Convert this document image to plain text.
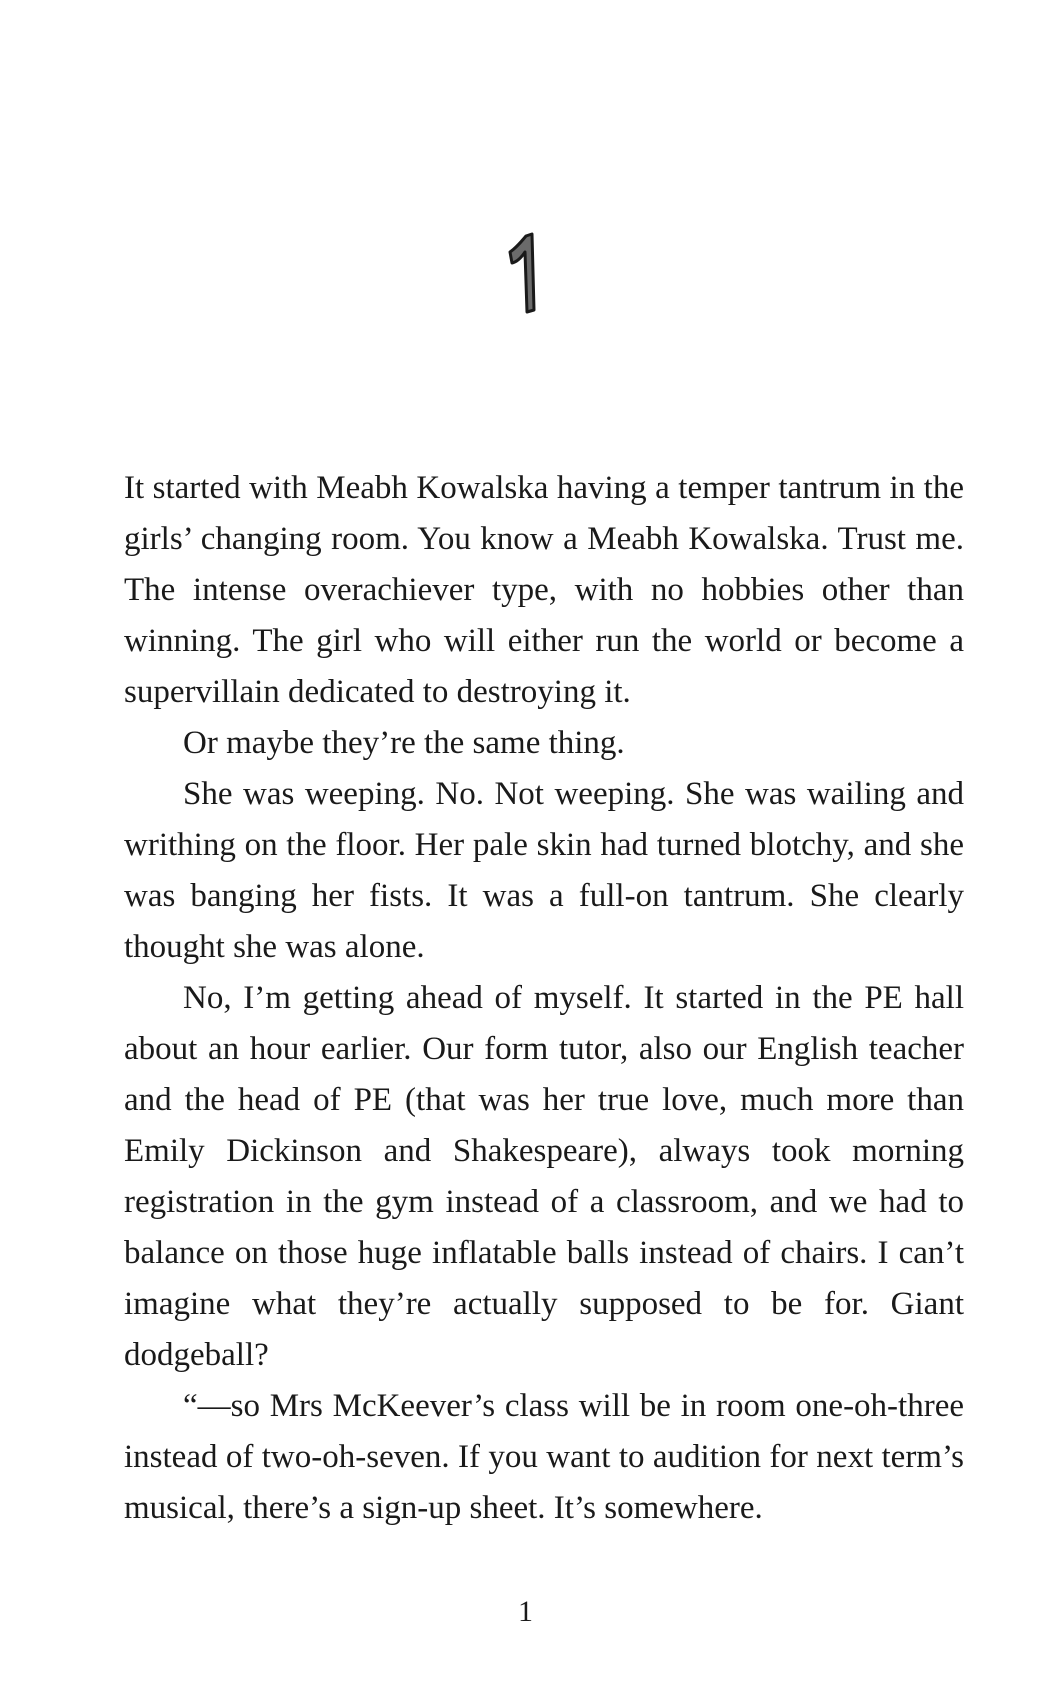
It started with Meabh Kowalska having a temper tantrum in the girls’ changing room. You know a Meabh Kowalska. Trust me. The intense overachiever type, with no hobbies other than winning. The girl who will either run the world or become a supervillain dedicated to destroying it.

Or maybe they’re the same thing.

She was weeping. No. Not weeping. She was wailing and writhing on the floor. Her pale skin had turned blotchy, and she was banging her fists. It was a full-on tantrum. She clearly thought she was alone.

No, I’m getting ahead of myself. It started in the PE hall about an hour earlier. Our form tutor, also our English teacher and the head of PE (that was her true love, much more than Emily Dickinson and Shakespeare), always took morning registration in the gym instead of a classroom, and we had to balance on those huge inflatable balls instead of chairs. I can’t imagine what they’re actually supposed to be for. Giant dodgeball?

“—so Mrs McKeever’s class will be in room one-oh-three instead of two-oh-seven. If you want to audition for next term’s musical, there’s a sign-up sheet. It’s somewhere.

1
